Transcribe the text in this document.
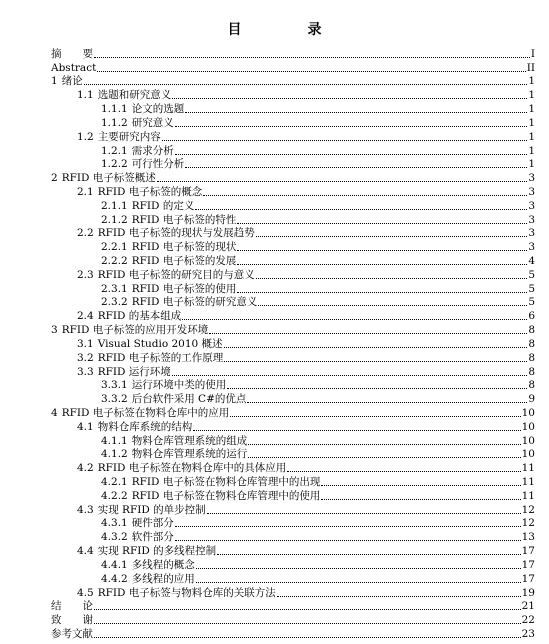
目　录
摘　　要	I
Abstract	II
1 绪论	1
1.1 选题和研究意义	1
1.1.1 论文的选题	1
1.1.2 研究意义	1
1.2 主要研究内容	1
1.2.1 需求分析	1
1.2.2 可行性分析	1
2 RFID 电子标签概述	3
2.1 RFID 电子标签的概念	3
2.1.1 RFID 的定义	3
2.1.2 RFID 电子标签的特性	3
2.2 RFID 电子标签的现状与发展趋势	3
2.2.1 RFID 电子标签的现状	3
2.2.2 RFID 电子标签的发展	4
2.3 RFID 电子标签的研究目的与意义	5
2.3.1 RFID 电子标签的使用	5
2.3.2 RFID 电子标签的研究意义	5
2.4 RFID 的基本组成	6
3 RFID 电子标签的应用开发环境	8
3.1 Visual Studio 2010 概述	8
3.2 RFID 电子标签的工作原理	8
3.3 RFID 运行环境	8
3.3.1 运行环境中类的使用	8
3.3.2 后台软件采用 C#的优点	9
4 RFID 电子标签在物料仓库中的应用	10
4.1 物料仓库系统的结构	10
4.1.1 物料仓库管理系统的组成	10
4.1.2 物料仓库管理系统的运行	10
4.2 RFID 电子标签在物料仓库中的具体应用	11
4.2.1 RFID 电子标签在物料仓库管理中的出现	11
4.2.2 RFID 电子标签在物料仓库管理中的使用	11
4.3 实现 RFID 的单步控制	12
4.3.1 硬件部分	12
4.3.2 软件部分	13
4.4 实现 RFID 的多线程控制	17
4.4.1 多线程的概念	17
4.4.2 多线程的应用	17
4.5 RFID 电子标签与物料仓库的关联方法	19
结　　论	21
致　　谢	22
参考文献	23
